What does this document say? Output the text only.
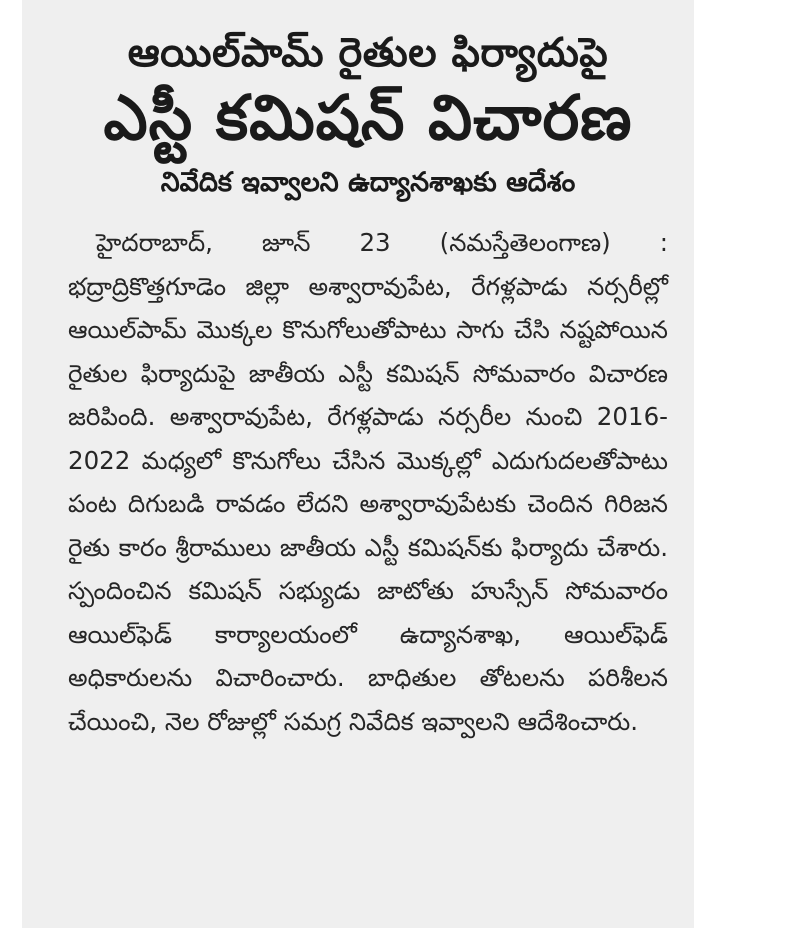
ఆయిల్‌పామ్‌ రైతుల ఫిర్యాదుపై
ఎస్టీ కమిషన్‌ విచారణ
నివేదిక ఇవ్వాలని ఉద్యానశాఖకు ఆదేశం

హైదరాబాద్‌, జూన్‌ 23 (నమస్తేతెలంగాణ) : భద్రాద్రికొత్తగూడెం జిల్లా అశ్వారావుపేట, రేగళ్లపాడు నర్సరీల్లో ఆయిల్‌పామ్‌ మొక్కల కొనుగోలుతోపాటు సాగు చేసి నష్టపోయిన రైతుల ఫిర్యాదుపై జాతీయ ఎస్టీ కమిషన్‌ సోమవారం విచారణ జరిపింది. అశ్వారావుపేట, రేగళ్లపాడు నర్సరీల నుంచి 2016-2022 మధ్యలో కొనుగోలు చేసిన మొక్కల్లో ఎదుగుదలతోపాటు పంట దిగుబడి రావడం లేదని అశ్వారావుపేటకు చెందిన గిరిజన రైతు కారం శ్రీరాములు జాతీయ ఎస్టీ కమిషన్‌కు ఫిర్యాదు చేశారు. స్పందించిన కమిషన్‌ సభ్యుడు జాటోతు హుస్సేన్‌ సోమవారం ఆయిల్‌ఫెడ్‌ కార్యాలయంలో ఉద్యానశాఖ, ఆయిల్‌ఫెడ్‌ అధికారులను విచారించారు. బాధితుల తోటలను పరిశీలన చేయించి, నెల రోజుల్లో సమగ్ర నివేదిక ఇవ్వాలని ఆదేశించారు.
